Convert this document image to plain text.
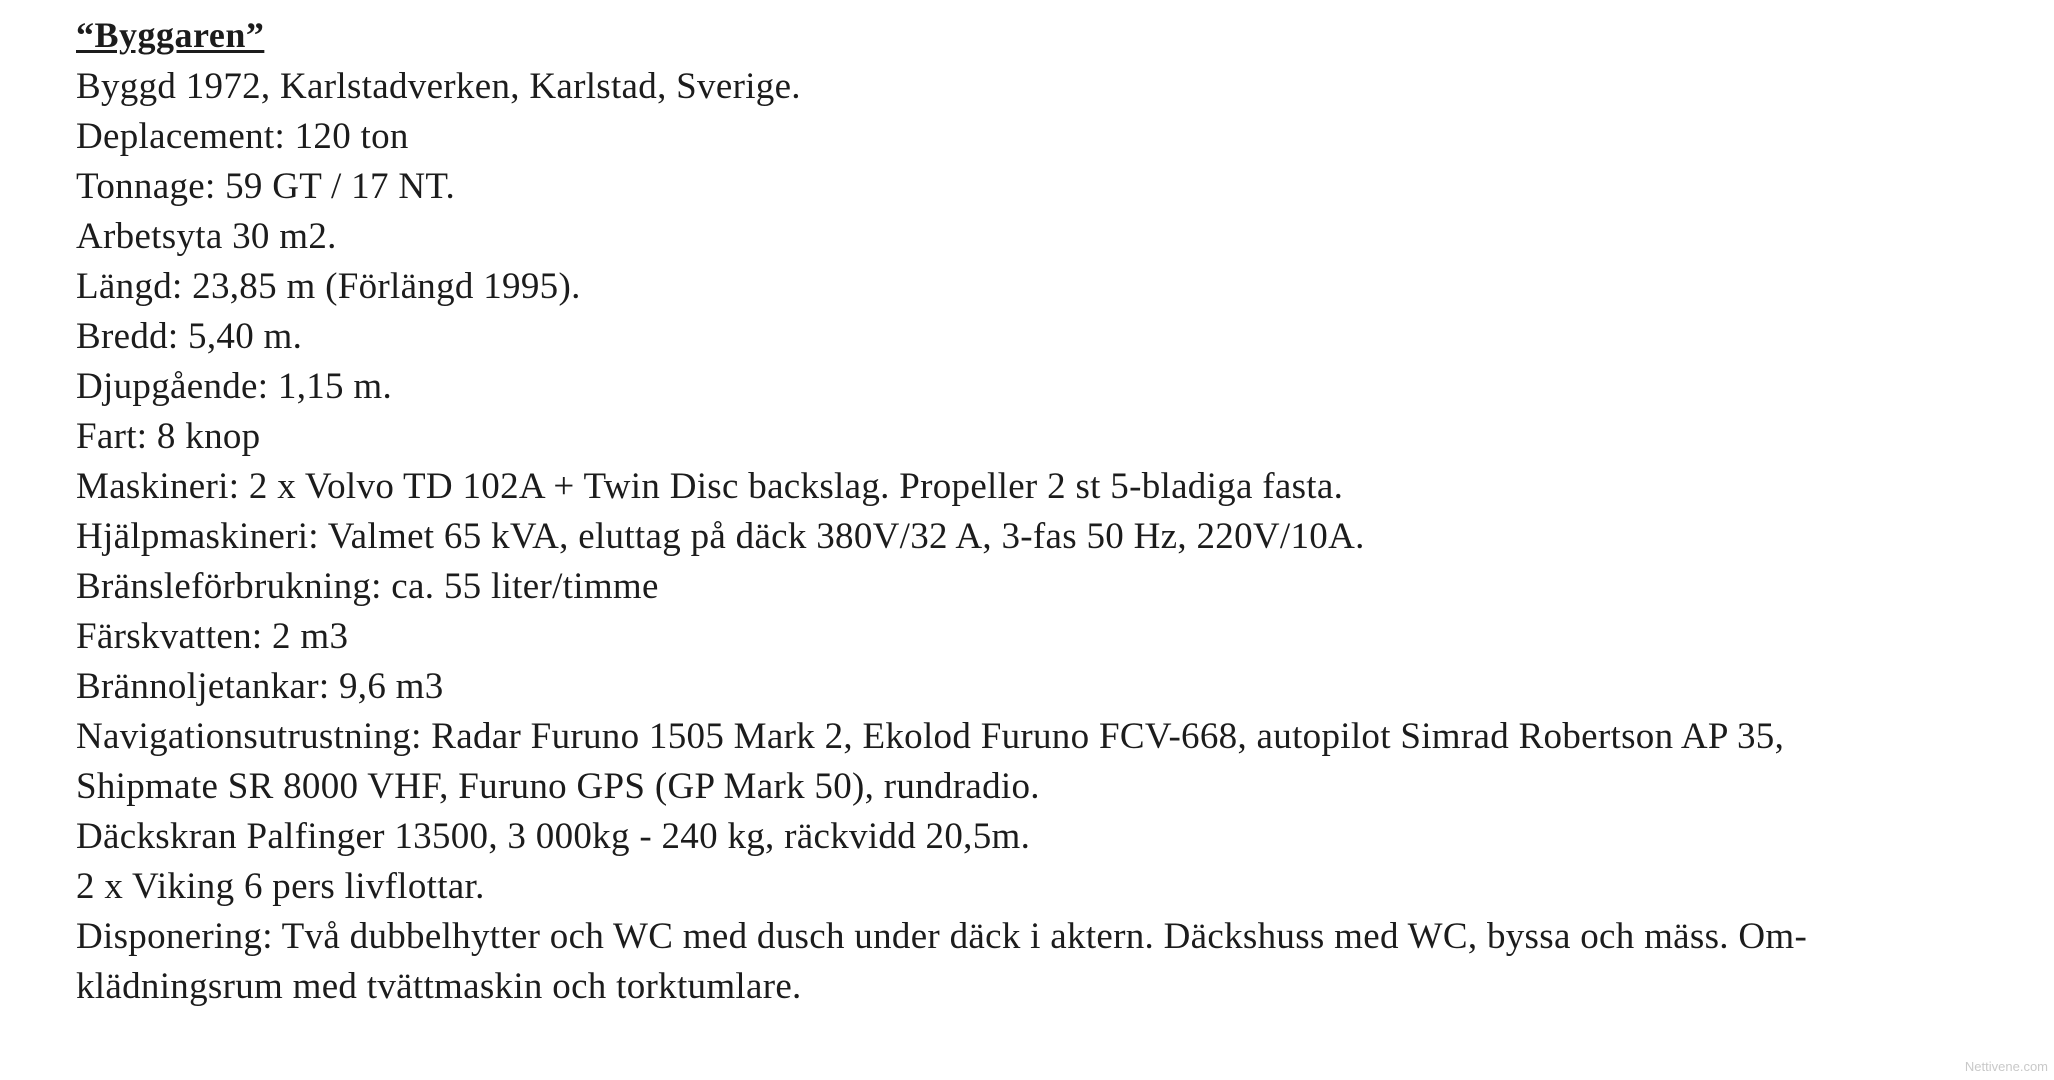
“Byggaren”
Byggd 1972, Karlstadverken, Karlstad, Sverige.
Deplacement: 120 ton
Tonnage: 59 GT / 17 NT.
Arbetsyta 30 m2.
Längd: 23,85 m (Förlängd 1995).
Bredd: 5,40 m.
Djupgående: 1,15 m.
Fart: 8 knop
Maskineri: 2 x Volvo TD 102A + Twin Disc backslag. Propeller 2 st 5-bladiga fasta.
Hjälpmaskineri: Valmet 65 kVA, eluttag på däck 380V/32 A, 3-fas 50 Hz, 220V/10A.
Bränsleförbrukning: ca. 55 liter/timme
Färskvatten: 2 m3
Brännoljetankar: 9,6 m3
Navigationsutrustning: Radar Furuno 1505 Mark 2, Ekolod Furuno FCV-668, autopilot Simrad Robertson AP 35,
Shipmate SR 8000 VHF, Furuno GPS (GP Mark 50), rundradio.
Däckskran Palfinger 13500, 3 000kg - 240 kg, räckvidd 20,5m.
2 x Viking 6 pers livflottar.
Disponering: Två dubbelhytter och WC med dusch under däck i aktern. Däckshuss med WC, byssa och mäss. Om-
klädningsrum med tvättmaskin och torktumlare.
Nettivene.com
